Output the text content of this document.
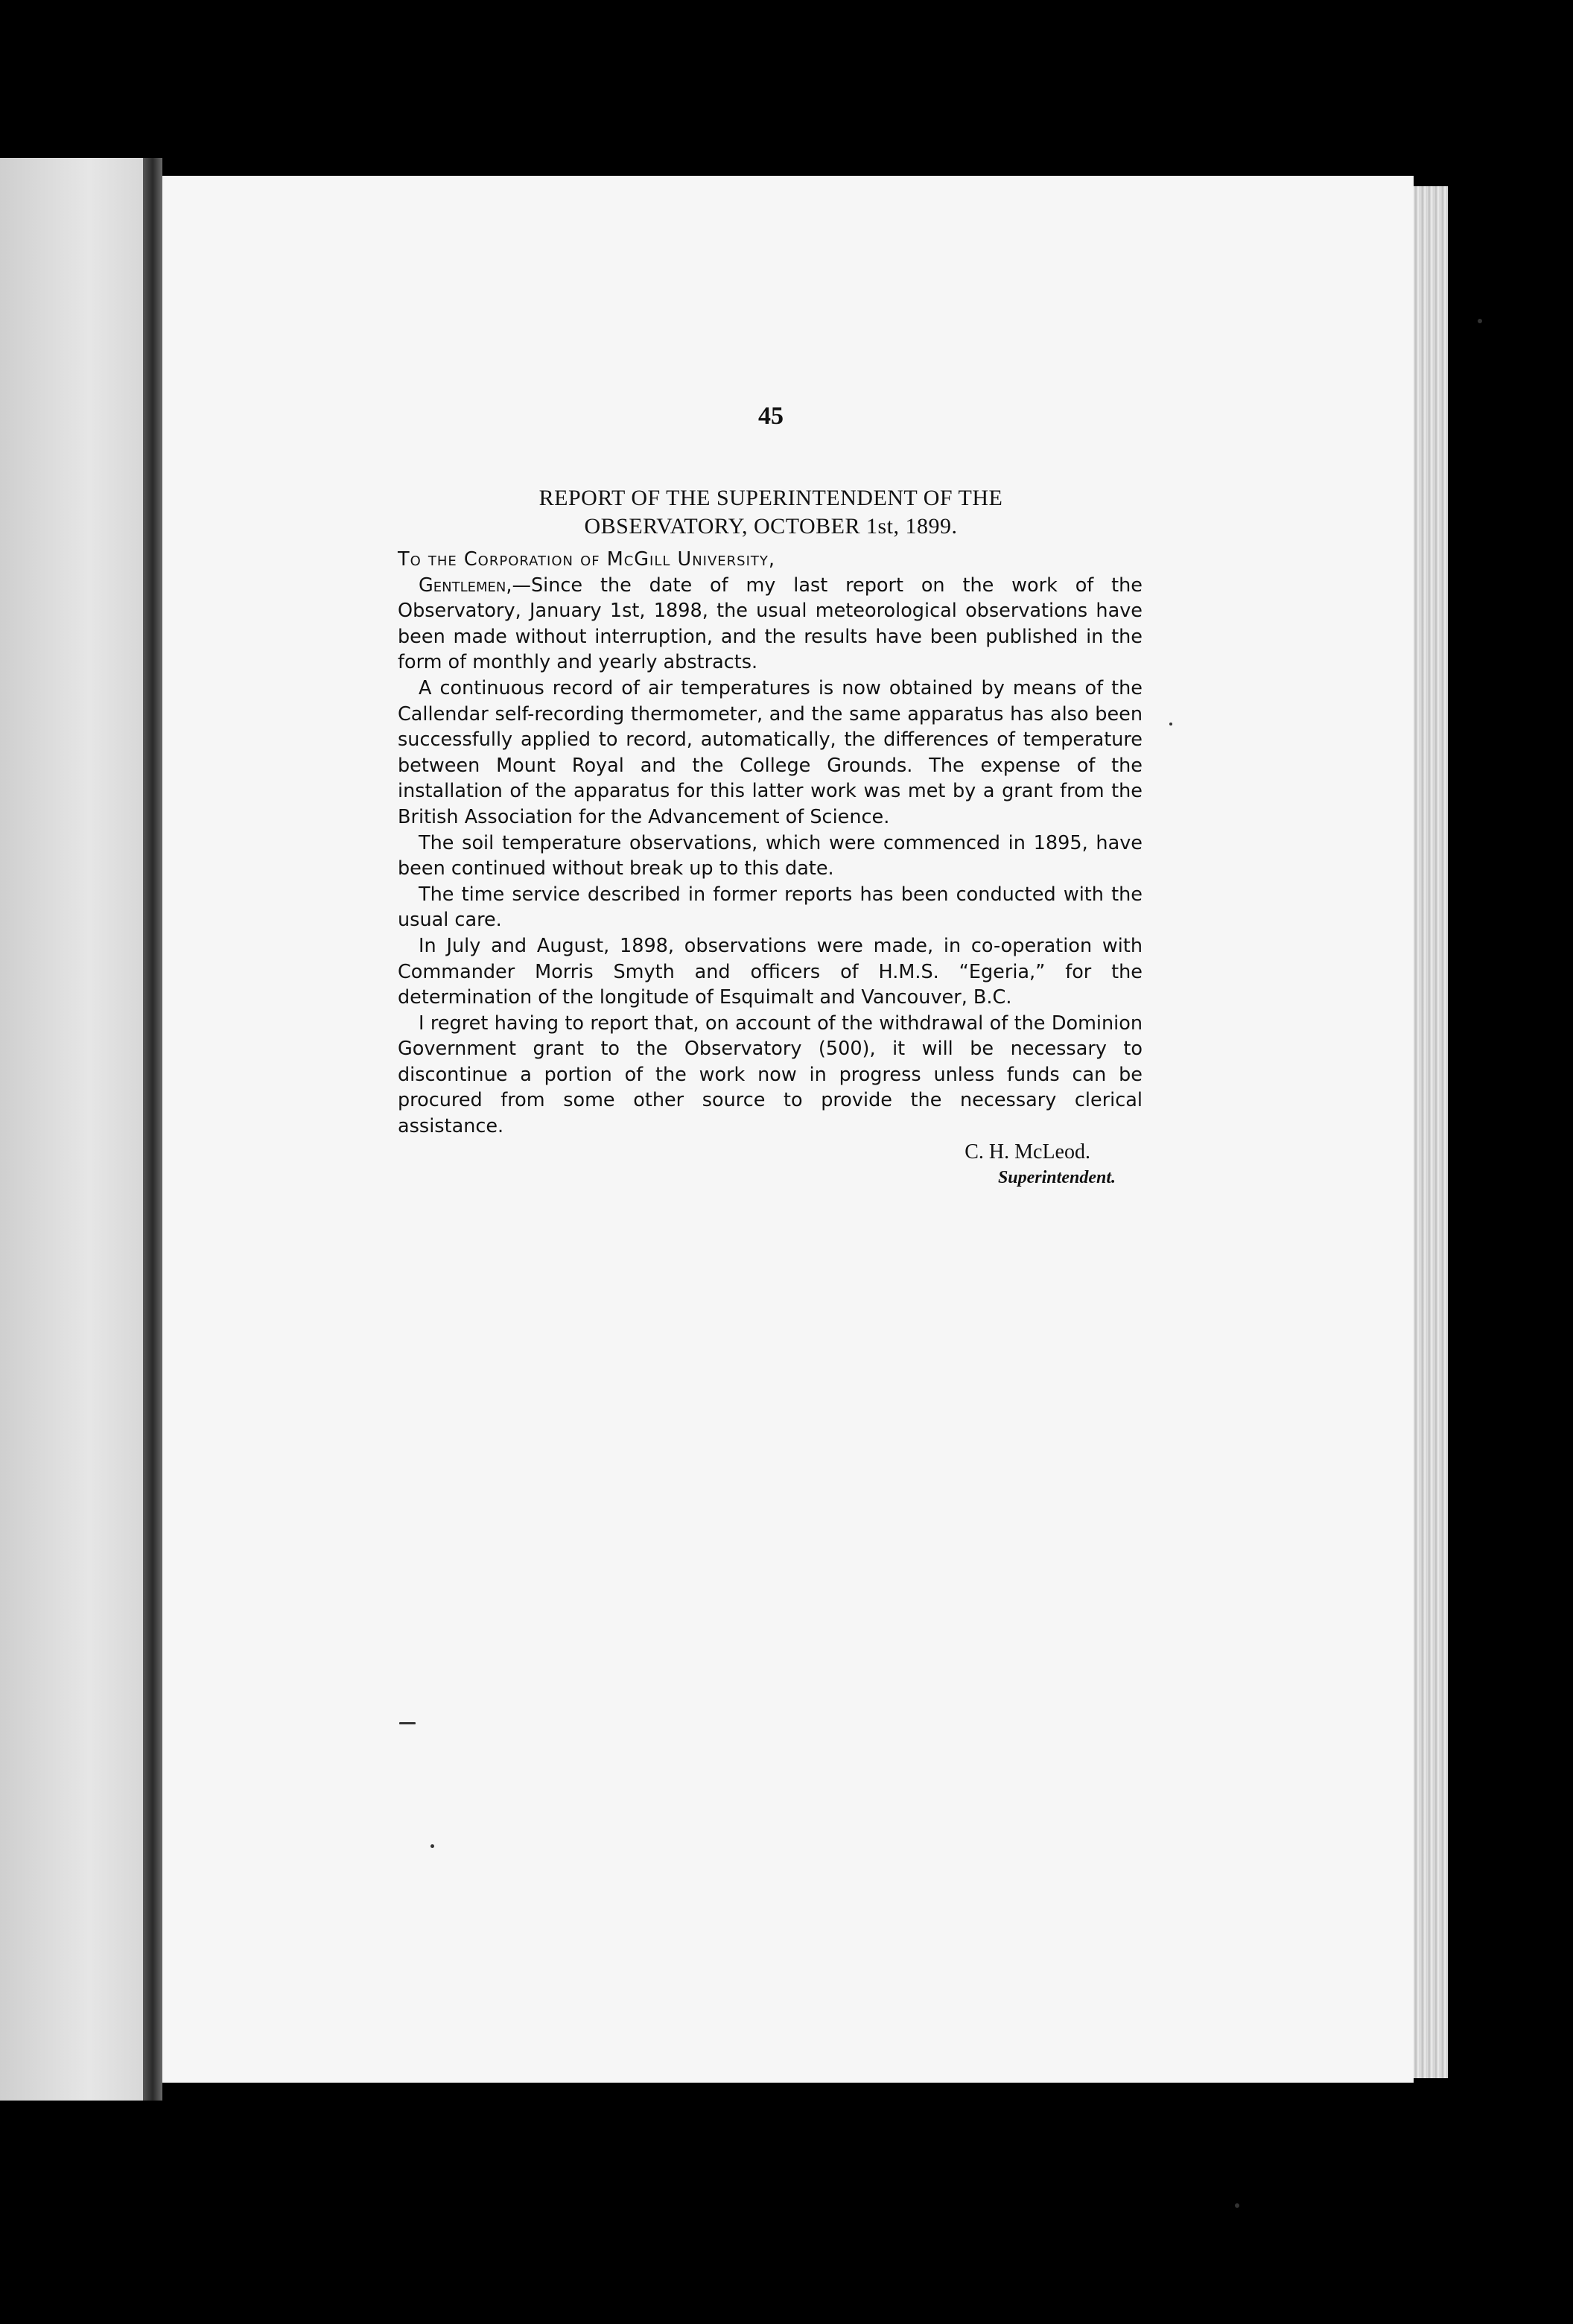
45
REPORT OF THE SUPERINTENDENT OF THE
OBSERVATORY, OCTOBER 1st, 1899.

To the Corporation of McGill University,

Gentlemen,—Since the date of my last report on the work of the Observatory, January 1st, 1898, the usual meteorological observations have been made without interruption, and the results have been published in the form of monthly and yearly abstracts.

A continuous record of air temperatures is now obtained by means of the Callendar self-recording thermometer, and the same apparatus has also been successfully applied to record, automatically, the differences of temperature between Mount Royal and the College Grounds. The expense of the installation of the apparatus for this latter work was met by a grant from the British Association for the Advancement of Science.

The soil temperature observations, which were commenced in 1895, have been continued without break up to this date.

The time service described in former reports has been conducted with the usual care.

In July and August, 1898, observations were made, in co-operation with Commander Morris Smyth and officers of H.M.S. “Egeria,” for the determination of the longitude of Esquimalt and Vancouver, B.C.

I regret having to report that, on account of the withdrawal of the Dominion Government grant to the Observatory (500), it will be necessary to discontinue a portion of the work now in progress unless funds can be procured from some other source to provide the necessary clerical assistance.

C. H. McLeod.

Superintendent.
